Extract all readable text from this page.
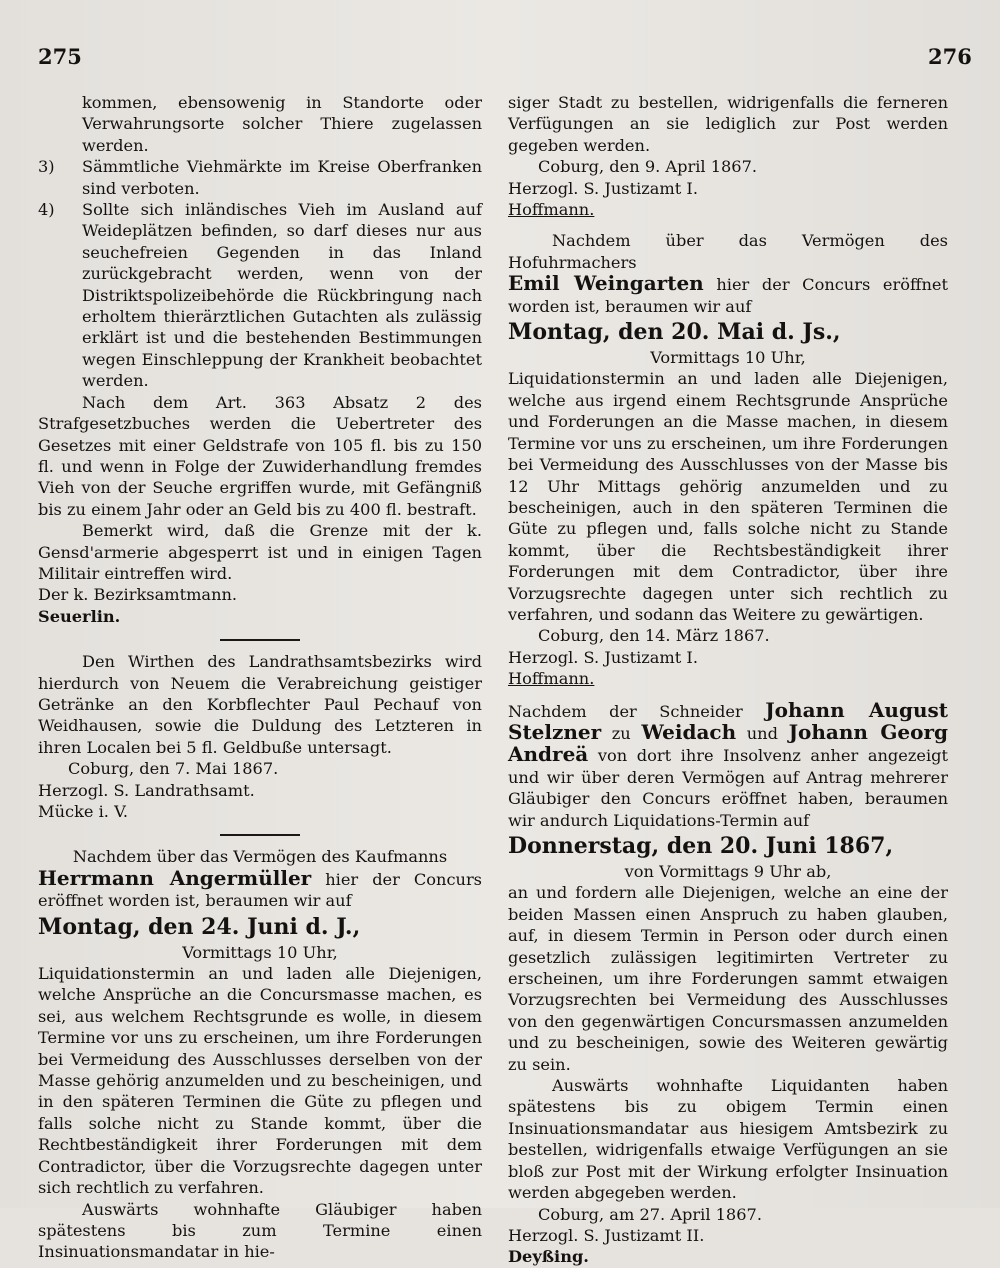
275	276

kommen, ebensowenig in Standorte oder Verwahrungsorte solcher Thiere zugelassen werden.

3)	Sämmtliche Viehmärkte im Kreise Oberfranken sind verboten.
4)	Sollte sich inländisches Vieh im Ausland auf Weideplätzen befinden, so darf dieses nur aus seuchefreien Gegenden in das Inland zurückgebracht werden, wenn von der Distriktspolizeibehörde die Rückbringung nach erholtem thierärztlichen Gutachten als zulässig erklärt ist und die bestehenden Bestimmungen wegen Einschleppung der Krankheit beobachtet werden.

Nach dem Art. 363 Absatz 2 des Strafgesetzbuches werden die Uebertreter des Gesetzes mit einer Geldstrafe von 105 fl. bis zu 150 fl. und wenn in Folge der Zuwiderhandlung fremdes Vieh von der Seuche ergriffen wurde, mit Gefängniß bis zu einem Jahr oder an Geld bis zu 400 fl. bestraft.

Bemerkt wird, daß die Grenze mit der k. Gensd'armerie abgesperrt ist und in einigen Tagen Militair eintreffen wird.

Der k. Bezirksamtmann.

Seuerlin.

Den Wirthen des Landrathsamtsbezirks wird hierdurch von Neuem die Verabreichung geistiger Getränke an den Korbflechter Paul Pechauf von Weidhausen, sowie die Duldung des Letzteren in ihren Localen bei 5 fl. Geldbuße untersagt.

Coburg, den 7. Mai 1867.

Herzogl. S. Landrathsamt.

Mücke i. V.

Nachdem über das Vermögen des Kaufmanns

Herrmann Angermüller hier der Concurs eröffnet worden ist, beraumen wir auf

Montag, den 24. Juni d. J.,

Vormittags 10 Uhr,

Liquidationstermin an und laden alle Diejenigen, welche Ansprüche an die Concursmasse machen, es sei, aus welchem Rechtsgrunde es wolle, in diesem Termine vor uns zu erscheinen, um ihre Forderungen bei Vermeidung des Ausschlusses derselben von der Masse gehörig anzumelden und zu bescheinigen, und in den späteren Terminen die Güte zu pflegen und falls solche nicht zu Stande kommt, über die Rechtbeständigkeit ihrer Forderungen mit dem Contradictor, über die Vorzugsrechte dagegen unter sich rechtlich zu verfahren.

Auswärts wohnhafte Gläubiger haben spätestens bis zum Termine einen Insinuationsmandatar in hie-

siger Stadt zu bestellen, widrigenfalls die ferneren Verfügungen an sie lediglich zur Post werden gegeben werden.

Coburg, den 9. April 1867.

Herzogl. S. Justizamt I.

Hoffmann.

Nachdem über das Vermögen des Hofuhrmachers

Emil Weingarten hier der Concurs eröffnet worden ist, beraumen wir auf

Montag, den 20. Mai d. Js.,

Vormittags 10 Uhr,

Liquidationstermin an und laden alle Diejenigen, welche aus irgend einem Rechtsgrunde Ansprüche und Forderungen an die Masse machen, in diesem Termine vor uns zu erscheinen, um ihre Forderungen bei Vermeidung des Ausschlusses von der Masse bis 12 Uhr Mittags gehörig anzumelden und zu bescheinigen, auch in den späteren Terminen die Güte zu pflegen und, falls solche nicht zu Stande kommt, über die Rechtsbeständigkeit ihrer Forderungen mit dem Contradictor, über ihre Vorzugsrechte dagegen unter sich rechtlich zu verfahren, und sodann das Weitere zu gewärtigen.

Coburg, den 14. März 1867.

Herzogl. S. Justizamt I.

Hoffmann.

Nachdem der Schneider Johann August Stelzner zu Weidach und Johann Georg Andreä von dort ihre Insolvenz anher angezeigt und wir über deren Vermögen auf Antrag mehrerer Gläubiger den Concurs eröffnet haben, beraumen wir andurch Liquidations-Termin auf

Donnerstag, den 20. Juni 1867,

von Vormittags 9 Uhr ab,

an und fordern alle Diejenigen, welche an eine der beiden Massen einen Anspruch zu haben glauben, auf, in diesem Termin in Person oder durch einen gesetzlich zulässigen legitimirten Vertreter zu erscheinen, um ihre Forderungen sammt etwaigen Vorzugsrechten bei Vermeidung des Ausschlusses von den gegenwärtigen Concursmassen anzumelden und zu bescheinigen, sowie des Weiteren gewärtig zu sein.

Auswärts wohnhafte Liquidanten haben spätestens bis zu obigem Termin einen Insinuationsmandatar aus hiesigem Amtsbezirk zu bestellen, widrigenfalls etwaige Verfügungen an sie bloß zur Post mit der Wirkung erfolgter Insinuation werden abgegeben werden.

Coburg, am 27. April 1867.

Herzogl. S. Justizamt II.

Deyßing.
